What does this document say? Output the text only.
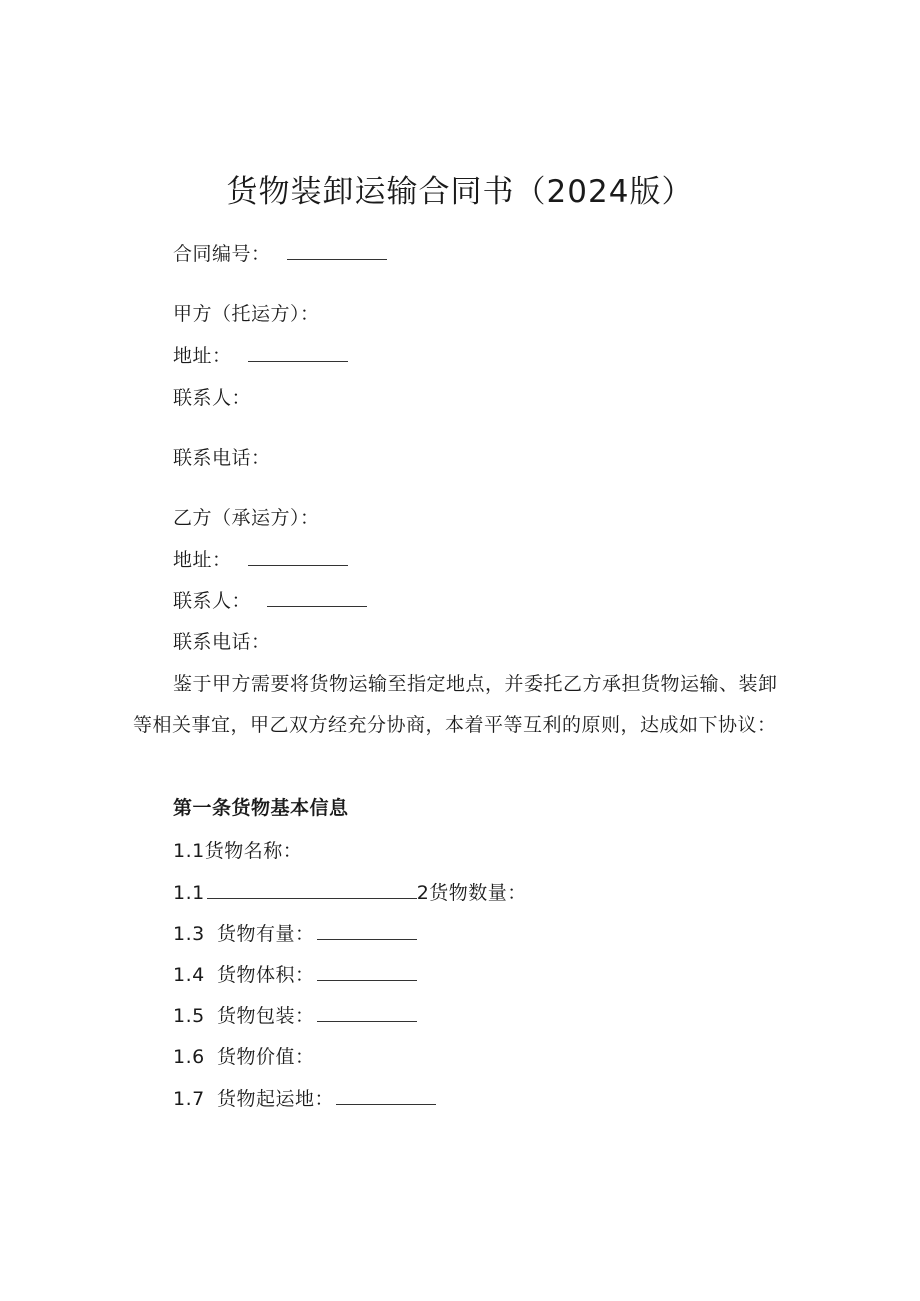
货物装卸运输合同书（2024版）
合同编号：
甲方（托运方）：
地址：
联系人：
联系电话：
乙方（承运方）：
地址：
联系人：
联系电话：
鉴于甲方需要将货物运输至指定地点，并委托乙方承担货物运输、装卸等相关事宜，甲乙双方经充分协商，本着平等互利的原则，达成如下协议：
第一条货物基本信息
1.1货物名称：
1.1	2货物数量：
1.3 货物有量：
1.4 货物体积：
1.5 货物包装：
1.6 货物价值：
1.7 货物起运地：
